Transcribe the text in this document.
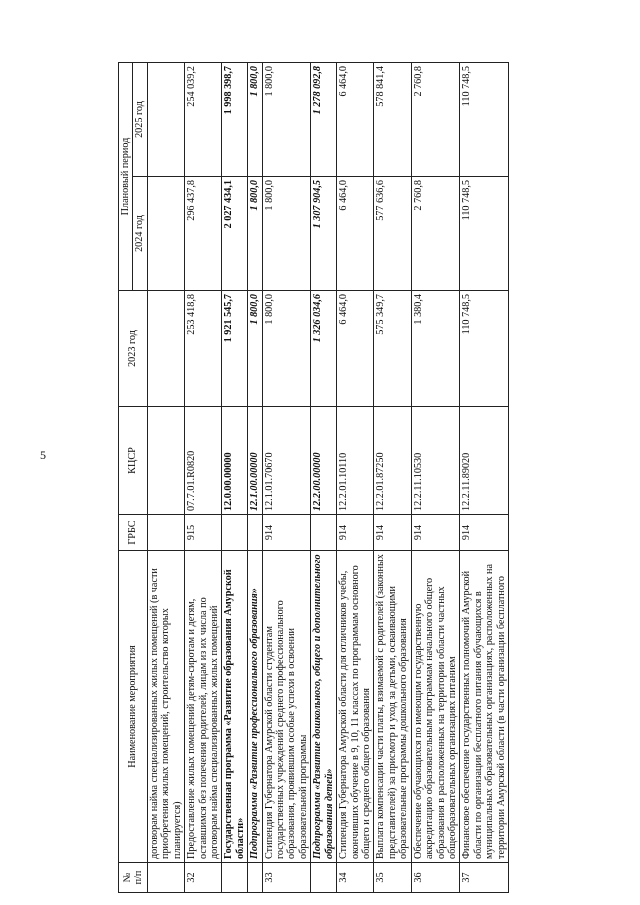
5
№
п/п	Наименование мероприятия	ГРБС	КЦСР	2023 год	Плановый период	
					2024 год	2025 год
	договорам найма специализированных жилых помещений (в части приобретения жилых помещений, строительство которых планируется)					
32	Предоставление жилых помещений детям-сиротам и детям, оставшимся без попечения родителей, лицам из их числа по договорам найма специализированных жилых помещений	915	07.7.01.R0820	253 418,8	296 437,8	254 039,2
	Государственная программа «Развитие образования Амурской области»		12.0.00.00000	1 921 545,7	2 027 434,1	1 998 398,7
	Подпрограмма «Развитие профессионального образования»		12.1.00.00000	1 800,0	1 800,0	1 800,0
33	Стипендия Губернатора Амурской области студентам государственных учреждений среднего профессионального образования, проявившим особые успехи в освоении образовательной программы	914	12.1.01.70670	1 800,0	1 800,0	1 800,0
	Подпрограмма «Развитие дошкольного, общего и дополнительного образования детей»		12.2.00.00000	1 326 034,6	1 307 904,5	1 278 092,8
34	Стипендия Губернатора Амурской области для отличников учебы, окончивших обучение в 9, 10, 11 классах по программам основного общего и среднего общего образования	914	12.2.01.10110	6 464,0	6 464,0	6 464,0
35	Выплата компенсации части платы, взимаемой с родителей (законных представителей) за присмотр и уход за детьми, осваивающими образовательные программы дошкольного образования	914	12.2.01.87250	575 349,7	577 636,6	578 841,4
36	Обеспечение обучающихся по имеющим государственную аккредитацию образовательным программам начального общего образования в расположенных на территории области частных общеобразовательных организациях питанием	914	12.2.11.10530	1 380,4	2 760,8	2 760,8
37	Финансовое обеспечение государственных полномочий Амурской области по организации бесплатного питания обучающихся в муниципальных образовательных организациях, расположенных на территории Амурской области (в части организации бесплатного	914	12.2.11.89020	110 748,5	110 748,5	110 748,5
